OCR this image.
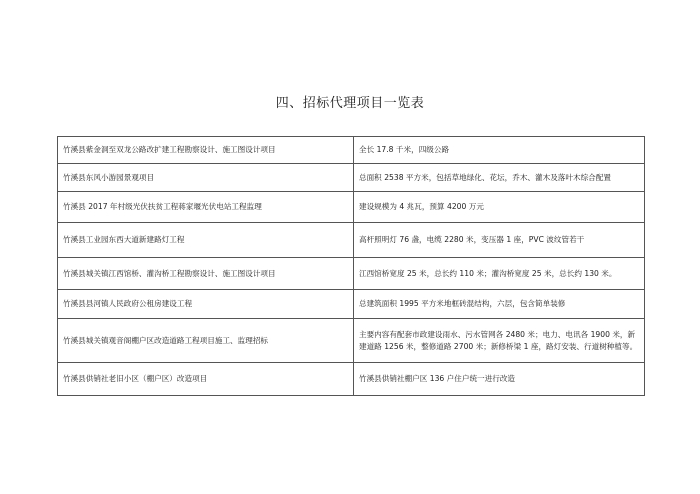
四、招标代理项目一览表
竹溪县紫金洞至双龙公路改扩建工程勘察设计、施工图设计项目	全长 17.8 千米，四级公路
竹溪县东风小游园景观项目	总面积 2538 平方米，包括草地绿化、花坛，乔木、灌木及落叶木综合配置
竹溪县 2017 年村级光伏扶贫工程蒋家堰光伏电站工程监理	建设规模为 4 兆瓦，预算 4200 万元
竹溪县工业园东西大道新建路灯工程	高杆照明灯 76 盏，电缆 2280 米，变压器 1 座，PVC 波纹管若干
竹溪县城关镇江西馆桥、灌沟桥工程勘察设计、施工图设计项目	江西馆桥宽度 25 米，总长约 110 米；灌沟桥宽度 25 米，总长约 130 米。
竹溪县县河镇人民政府公租房建设工程	总建筑面积 1995 平方米地框砖混结构，六层，包含简单装修
竹溪县城关镇观音阁棚户区改造道路工程项目施工、监理招标	主要内容有配套市政建设雨水、污水管网各 2480 米；电力、电讯各 1900 米，新建道路 1256 米，整修道路 2700 米；新修桥梁 1 座，路灯安装、行道树种植等。
竹溪县供销社老旧小区（棚户区）改造项目	竹溪县供销社棚户区 136 户住户统一进行改造
